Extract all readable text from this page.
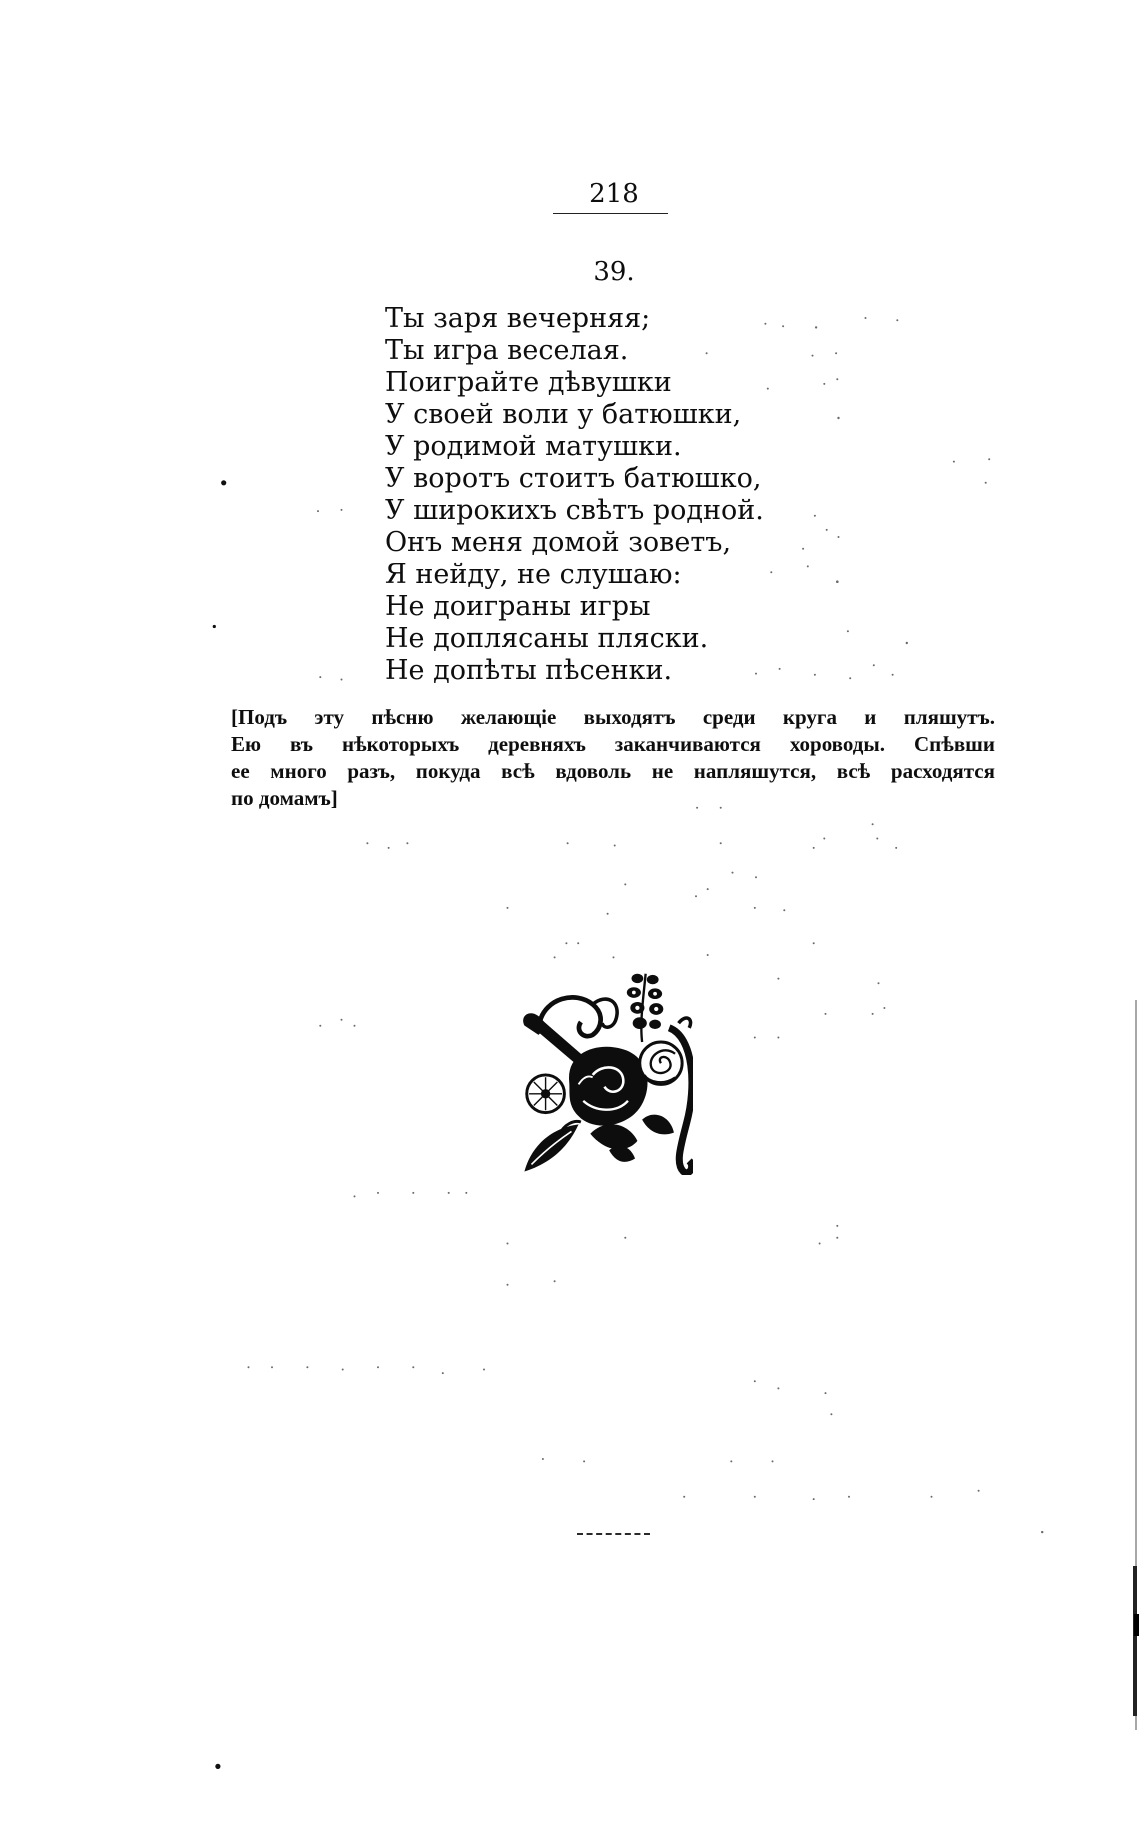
218
39.
Ты заря вечерняя;
Ты игра веселая.
Поиграйте дѣвушки
У своей воли у батюшки,
У родимой матушки.
У воротъ стоитъ батюшко,
У широкихъ свѣтъ родной.
Онъ меня домой зоветъ,
Я нейду, не слушаю:
Не доиграны игры
Не доплясаны пляски.
Не допѣты пѣсенки.
[Подъ эту пѣсню желающіе выходятъ среди круга и пляшутъ.
Ею въ нѣкоторыхъ деревняхъ заканчиваются хороводы. Спѣвши
ее много разъ, покуда всѣ вдоволь не напляшутся, всѣ расходятся
по домамъ]
